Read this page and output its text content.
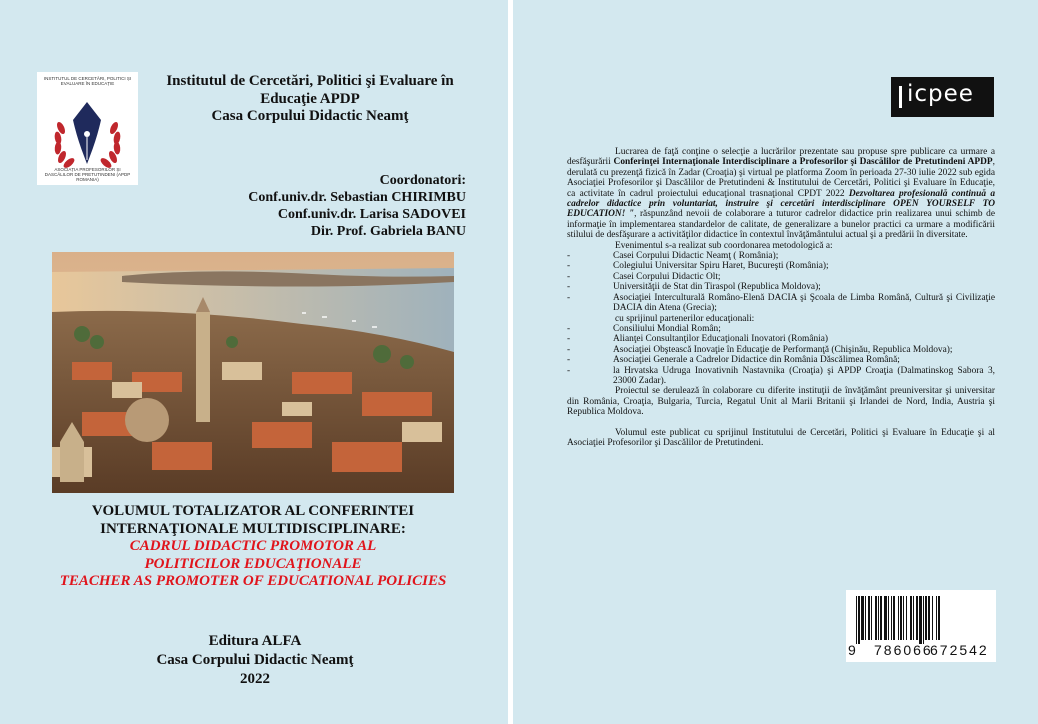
INSTITUTUL DE CERCETĂRI, POLITICI ȘI EVALUARE ÎN EDUCAȚIE
ASOCIAȚIA PROFESORILOR ȘI DASCĂLILOR DE PRETUTINDENI (APDP ROMANIA)
Institutul de Cercetări, Politici şi Evaluare în
Educaţie APDP
Casa Corpului Didactic Neamţ
Coordonatori:
Conf.univ.dr. Sebastian CHIRIMBU
Conf.univ.dr. Larisa SADOVEI
Dir. Prof. Gabriela BANU
VOLUMUL TOTALIZATOR AL CONFERINTEI
INTERNAŢIONALE MULTIDISCIPLINARE:
CADRUL DIDACTIC PROMOTOR AL
POLITICILOR EDUCAŢIONALE
TEACHER AS PROMOTER OF EDUCATIONAL POLICIES
Editura ALFA
Casa Corpului Didactic Neamţ
2022
icpee

Lucrarea de faţă conţine o selecţie a lucrărilor prezentate sau propuse spre publicare ca urmare a desfăşurării Conferinţei Internaţionale Interdisciplinare a Profesorilor şi Dascălilor de Pretutindeni APDP, derulată cu prezenţă fizică în Zadar (Croaţia) şi virtual pe platforma Zoom în perioada 27-30 iulie 2022 sub egida Asociaţiei Profesorilor şi Dascălilor de Pretutindeni & Institutului de Cercetări, Politici şi Evaluare în Educaţie, ca activitate în cadrul proiectului educaţional trasnaţional CPDT 2022 Dezvoltarea profesională continuă a cadrelor didactice prin voluntariat, instruire şi cercetări interdisciplinare OPEN YOURSELF TO EDUCATION! ", răspunzând nevoii de colaborare a tuturor cadrelor didactice prin realizarea unui schimb de informaţie în implementarea standardelor de calitate, de generalizare a bunelor practici ca urmare a modificării stilului de desfăşurare a activităţilor didactice în contextul învăţământului actual şi a predării în diversitate.

Evenimentul s-a realizat sub coordonarea metodologică a:

-	Casei Corpului Didactic Neamţ ( România);

-	Colegiului Universitar Spiru Haret, Bucureşti (România);

-	Casei Corpului Didactic Olt;

-	Universităţii de Stat din Tiraspol (Republica Moldova);

-	Asociaţiei Interculturală Româno-Elenă DACIA şi Şcoala de Limba Română, Cultură şi Civilizaţie DACIA din Atena (Grecia);

cu sprijinul partenerilor educaţionali:

-	Consiliului Mondial Român;

-	Alianţei Consultanţilor Educaţionali Inovatori (România)

-	Asociaţiei Obştească Inovaţie în Educaţie de Performanţă (Chişinău, Republica Moldova);

-	Asociaţiei Generale a Cadrelor Didactice din România Dăscălimea Română;

-	la Hrvatska Udruga Inovativnih Nastavnika (Croaţia) şi APDP Croaţia (Dalmatinskog Sabora 3, 23000 Zadar).

Proiectul se derulează în colaborare cu diferite instituţii de învăţământ preuniversitar şi universitar din România, Croaţia, Bulgaria, Turcia, Regatul Unit al Marii Britanii şi Irlandei de Nord, India, Austria şi Republica Moldova.

Volumul este publicat cu sprijinul Institutului de Cercetări, Politici şi Evaluare în Educaţie şi al Asociaţiei Profesorilor şi Dascălilor de Pretutindeni.

9 786066
672542
